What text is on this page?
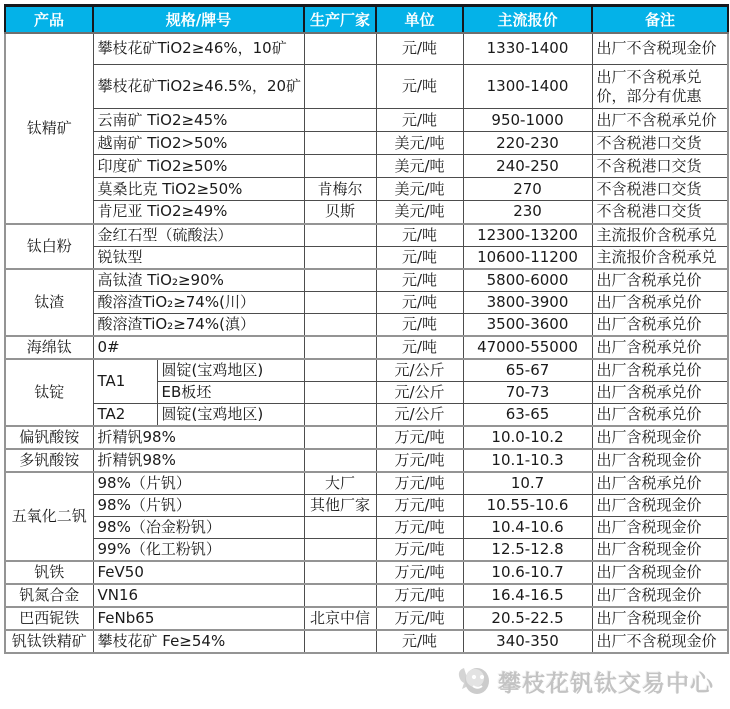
产品	规格/牌号		生产厂家	单位	主流报价	备注
钛精矿	攀枝花矿TiO2≥46%，10矿			元/吨	1330-1400	出厂不含税现金价
	攀枝花矿TiO2≥46.5%，20矿			元/吨	1300-1400	出厂不含税承兑价，部分有优惠
	云南矿 TiO2≥45%			元/吨	950-1000	出厂不含税承兑价
	越南矿 TiO2>50%			美元/吨	220-230	不含税港口交货
	印度矿 TiO2≥50%			美元/吨	240-250	不含税港口交货
	莫桑比克 TiO2≥50%		肯梅尔	美元/吨	270	不含税港口交货
	肯尼亚 TiO2≥49%		贝斯	美元/吨	230	不含税港口交货
钛白粉	金红石型（硫酸法）			元/吨	12300-13200	主流报价含税承兑
	锐钛型			元/吨	10600-11200	主流报价含税承兑
钛渣	高钛渣 TiO₂≥90%			元/吨	5800-6000	出厂含税承兑价
	酸溶渣TiO₂≥74%(川）			元/吨	3800-3900	出厂含税承兑价
	酸溶渣TiO₂≥74%(滇）			元/吨	3500-3600	出厂含税承兑价
海绵钛	0#			元/吨	47000-55000	出厂含税承兑价
钛锭	TA1	圆锭(宝鸡地区)		元/公斤	65-67	出厂含税承兑价
		EB板坯		元/公斤	70-73	出厂含税承兑价
	TA2	圆锭(宝鸡地区)		元/公斤	63-65	出厂含税承兑价
偏钒酸铵	折精钒98%			万元/吨	10.0-10.2	出厂含税现金价
多钒酸铵	折精钒98%			万元/吨	10.1-10.3	出厂含税现金价
五氧化二钒	98%（片钒）		大厂	万元/吨	10.7	出厂含税承兑价
	98%（片钒）		其他厂家	万元/吨	10.55-10.6	出厂含税现金价
	98%（冶金粉钒）			万元/吨	10.4-10.6	出厂含税现金价
	99%（化工粉钒）			万元/吨	12.5-12.8	出厂含税现金价
钒铁	FeV50			万元/吨	10.6-10.7	出厂含税现金价
钒氮合金	VN16			万元/吨	16.4-16.5	出厂含税现金价
巴西铌铁	FeNb65		北京中信	万元/吨	20.5-22.5	出厂含税现金价
钒钛铁精矿	攀枝花矿 Fe≥54%			元/吨	340-350	出厂不含税现金价
攀枝花钒钛交易中心
